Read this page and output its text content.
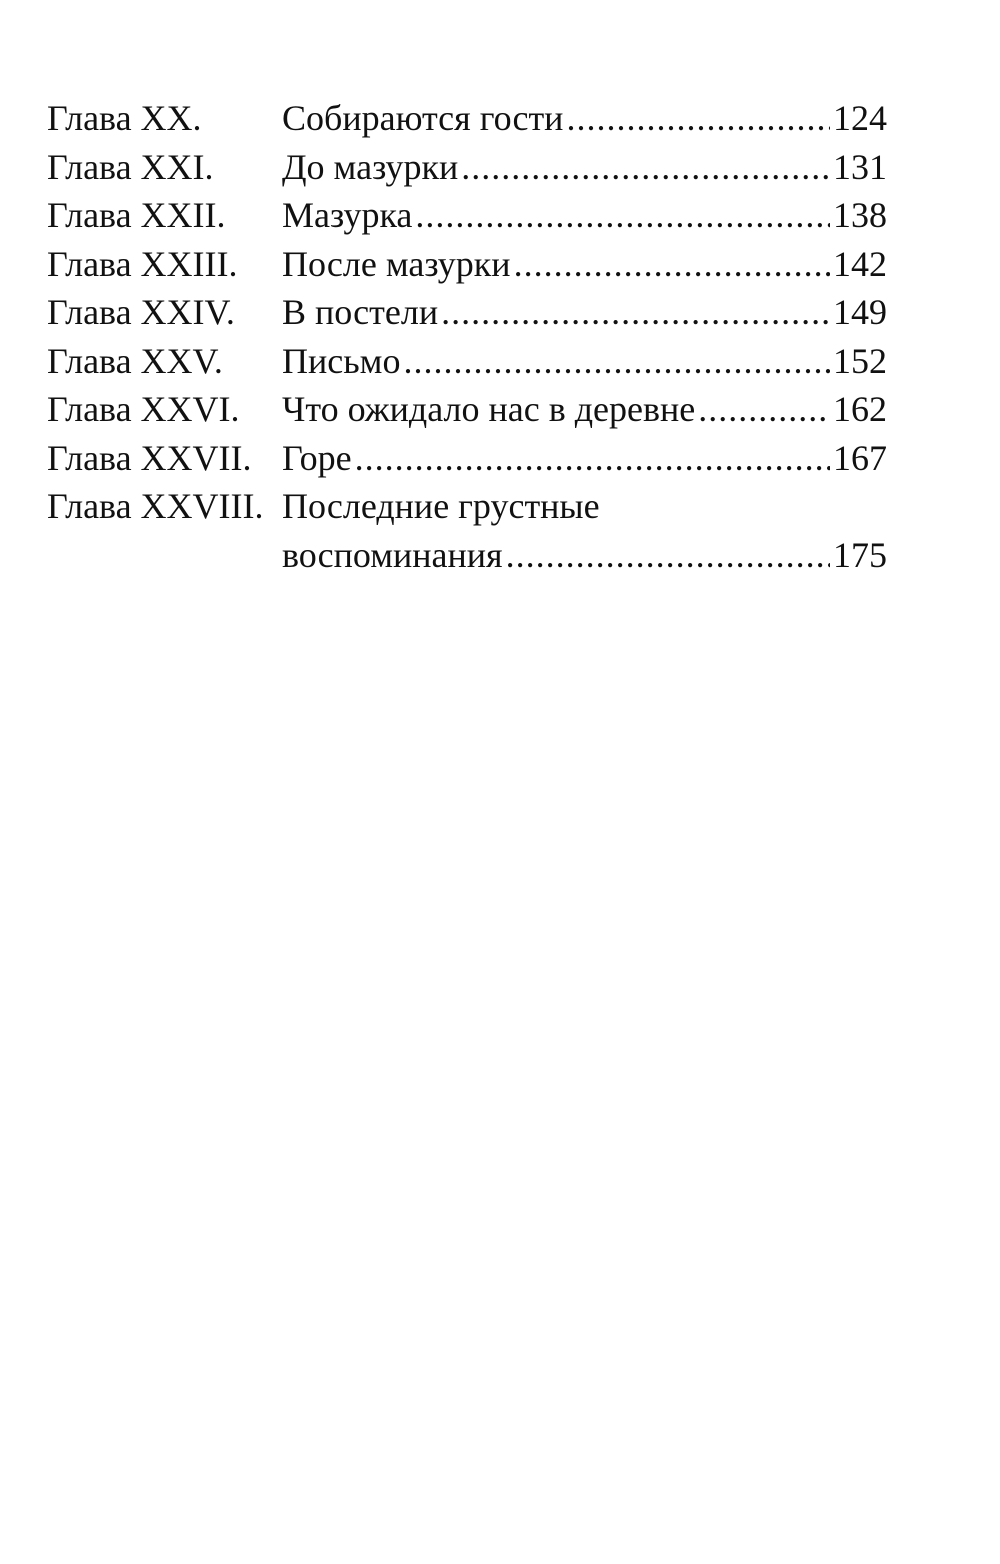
Глава XX.	Собираются гости .....	124
Глава XXI.	До мазурки .....	131
Глава XXII.	Мазурка .....	138
Глава XXIII.	После мазурки .....	142
Глава XXIV.	В постели .....	149
Глава XXV.	Письмо .....	152
Глава XXVI.	Что ожидало нас в деревне .....	162
Глава XXVII. Горе .....	167
Глава XXVIII. Последние грустные
воспоминания .....	175
